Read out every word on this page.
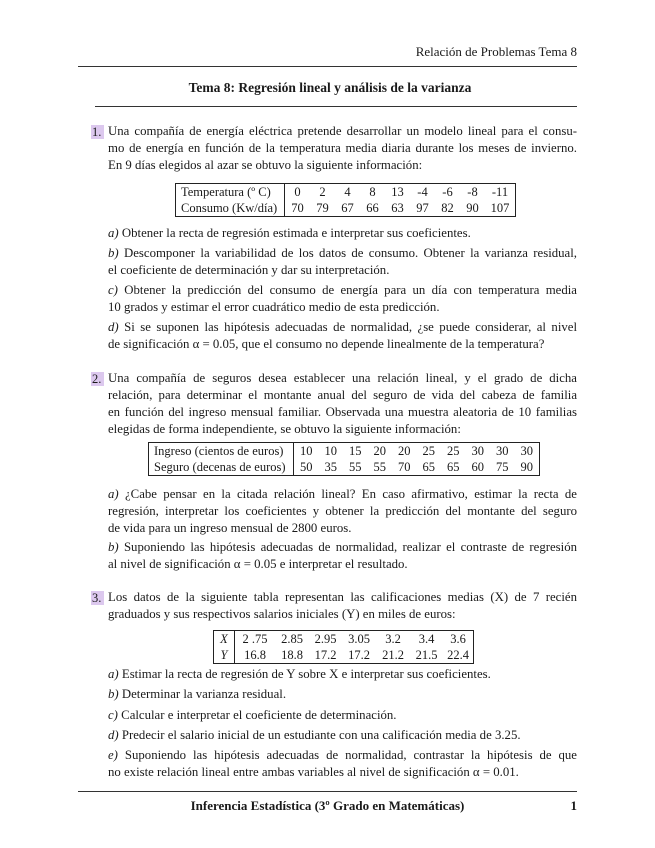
Relación de Problemas Tema 8
Tema 8: Regresión lineal y análisis de la varianza
1. Una compañía de energía eléctrica pretende desarrollar un modelo lineal para el consu-
mo de energía en función de la temperatura media diaria durante los meses de invierno.
En 9 días elegidos al azar se obtuvo la siguiente información:
Temperatura (º C)	0	2	4	8	13	-4	-6	-8	-11
Consumo (Kw/día)	70	79	67	66	63	97	82	90	107
a) Obtener la recta de regresión estimada e interpretar sus coeficientes.
b) Descomponer la variabilidad de los datos de consumo. Obtener la varianza residual,
el coeficiente de determinación y dar su interpretación.
c) Obtener la predicción del consumo de energía para un día con temperatura media
10 grados y estimar el error cuadrático medio de esta predicción.
d) Si se suponen las hipótesis adecuadas de normalidad, ¿se puede considerar, al nivel
de significación α = 0.05, que el consumo no depende linealmente de la temperatura?
2. Una compañía de seguros desea establecer una relación lineal, y el grado de dicha
relación, para determinar el montante anual del seguro de vida del cabeza de familia
en función del ingreso mensual familiar. Observada una muestra aleatoria de 10 familias
elegidas de forma independiente, se obtuvo la siguiente información:
Ingreso (cientos de euros)	10	10	15	20	20	25	25	30	30	30
Seguro (decenas de euros)	50	35	55	55	70	65	65	60	75	90
a) ¿Cabe pensar en la citada relación lineal? En caso afirmativo, estimar la recta de
regresión, interpretar los coeficientes y obtener la predicción del montante del seguro
de vida para un ingreso mensual de 2800 euros.
b) Suponiendo las hipótesis adecuadas de normalidad, realizar el contraste de regresión
al nivel de significación α = 0.05 e interpretar el resultado.
3. Los datos de la siguiente tabla representan las calificaciones medias (X) de 7 recién
graduados y sus respectivos salarios iniciales (Y) en miles de euros:
X	2 .75	2.85	2.95	3.05	3.2	3.4	3.6
Y	16.8	18.8	17.2	17.2	21.2	21.5	22.4
a) Estimar la recta de regresión de Y sobre X e interpretar sus coeficientes.
b) Determinar la varianza residual.
c) Calcular e interpretar el coeficiente de determinación.
d) Predecir el salario inicial de un estudiante con una calificación media de 3.25.
e) Suponiendo las hipótesis adecuadas de normalidad, contrastar la hipótesis de que
no existe relación lineal entre ambas variables al nivel de significación α = 0.01.
Inferencia Estadística (3º Grado en Matemáticas)	1
